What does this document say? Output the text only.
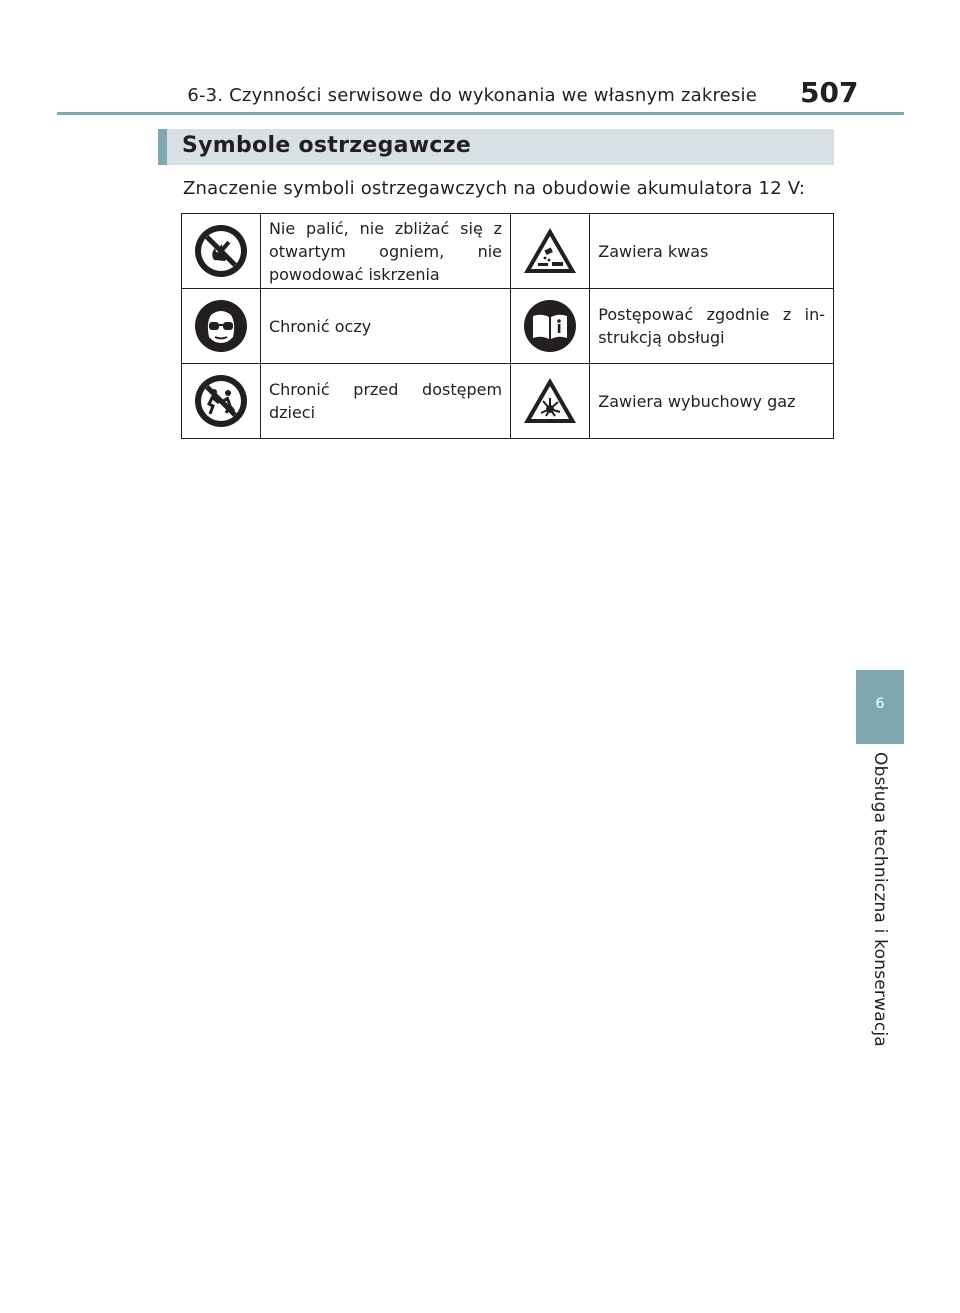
6-3. Czynności serwisowe do wykonania we własnym zakresie 507
Symbole ostrzegawcze
Znaczenie symboli ostrzegawczych na obudowie akumulatora 12 V:
	Nie palić, nie zbliżać się z otwartym ogniem, nie powodować iskrzenia		Zawiera kwas

	Chronić oczy		Postępować zgodnie z in-strukcją obsługi

	Chronić przed dostępem dzieci		Zawiera wybuchowy gaz
6
Obsługa techniczna i konserwacja
